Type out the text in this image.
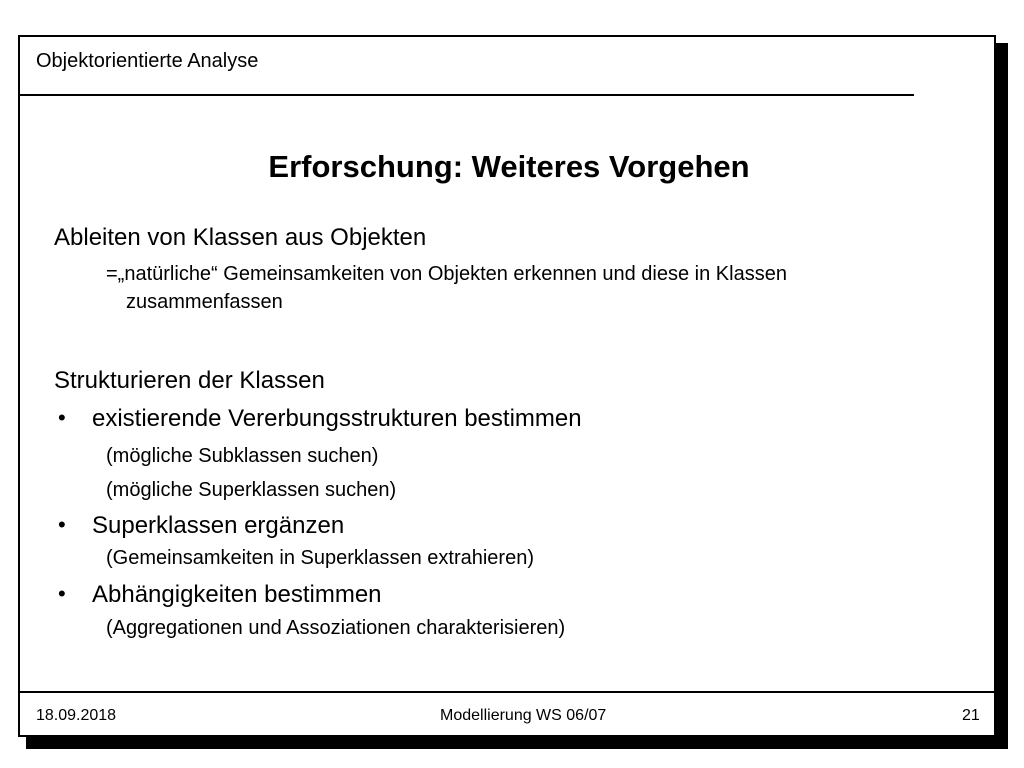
Objektorientierte Analyse
Erforschung: Weiteres Vorgehen
Ableiten von Klassen aus Objekten
=„natürliche“ Gemeinsamkeiten von Objekten erkennen und diese in Klassen
zusammenfassen
Strukturieren der Klassen
• existierende Vererbungsstrukturen bestimmen
(mögliche Subklassen suchen)
(mögliche Superklassen suchen)
• Superklassen ergänzen
(Gemeinsamkeiten in Superklassen extrahieren)
• Abhängigkeiten bestimmen
(Aggregationen und Assoziationen charakterisieren)
18.09.2018	Modellierung WS 06/07	21
